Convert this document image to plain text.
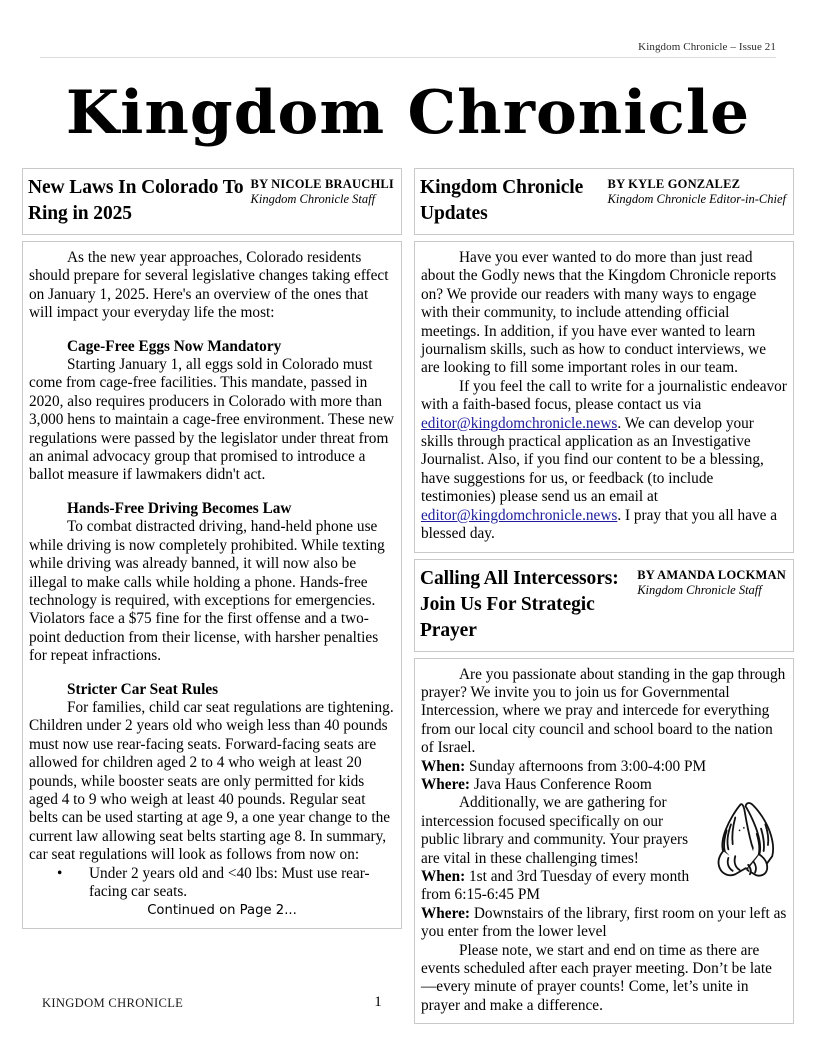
Kingdom Chronicle – Issue 21
Kingdom Chronicle
New Laws In Colorado To Ring in 2025
BY NICOLE BRAUCHLI
Kingdom Chronicle Staff

As the new year approaches, Colorado residents should prepare for several legislative changes taking effect on January 1, 2025. Here's an overview of the ones that will impact your everyday life the most:

Cage-Free Eggs Now Mandatory

Starting January 1, all eggs sold in Colorado must come from cage-free facilities. This mandate, passed in 2020, also requires producers in Colorado with more than 3,000 hens to maintain a cage-free environment. These new regulations were passed by the legislator under threat from an animal advocacy group that promised to introduce a ballot measure if lawmakers didn't act.

Hands-Free Driving Becomes Law

To combat distracted driving, hand-held phone use while driving is now completely prohibited. While texting while driving was already banned, it will now also be illegal to make calls while holding a phone. Hands-free technology is required, with exceptions for emergencies. Violators face a $75 fine for the first offense and a two-point deduction from their license, with harsher penalties for repeat infractions.

Stricter Car Seat Rules

For families, child car seat regulations are tightening. Children under 2 years old who weigh less than 40 pounds must now use rear-facing seats. Forward-facing seats are allowed for children aged 2 to 4 who weigh at least 20 pounds, while booster seats are only permitted for kids aged 4 to 9 who weigh at least 40 pounds. Regular seat belts can be used starting at age 9, a one year change to the current law allowing seat belts starting age 8. In summary, car seat regulations will look as follows from now on:

• Under 2 years old and <40 lbs: Must use rear-facing car seats.
Continued on Page 2...
Kingdom Chronicle Updates
BY KYLE GONZALEZ
Kingdom Chronicle Editor-in-Chief

Have you ever wanted to do more than just read about the Godly news that the Kingdom Chronicle reports on? We provide our readers with many ways to engage with their community, to include attending official meetings. In addition, if you have ever wanted to learn journalism skills, such as how to conduct interviews, we are looking to fill some important roles in our team.

If you feel the call to write for a journalistic endeavor with a faith-based focus, please contact us via editor@kingdomchronicle.news. We can develop your skills through practical application as an Investigative Journalist. Also, if you find our content to be a blessing, have suggestions for us, or feedback (to include testimonies) please send us an email at editor@kingdomchronicle.news. I pray that you all have a blessed day.

Calling All Intercessors: Join Us For Strategic Prayer
BY AMANDA LOCKMAN
Kingdom Chronicle Staff

Are you passionate about standing in the gap through prayer? We invite you to join us for Governmental Intercession, where we pray and intercede for everything from our local city council and school board to the nation of Israel.

When: Sunday afternoons from 3:00-4:00 PM

Where: Java Haus Conference Room

Additionally, we are gathering for intercession focused specifically on our public library and community. Your prayers are vital in these challenging times!

When: 1st and 3rd Tuesday of every month from 6:15-6:45 PM

Where: Downstairs of the library, first room on your left as you enter from the lower level

Please note, we start and end on time as there are events scheduled after each prayer meeting. Don’t be late—every minute of prayer counts! Come, let’s unite in prayer and make a difference.

KINGDOM CHRONICLE	1
